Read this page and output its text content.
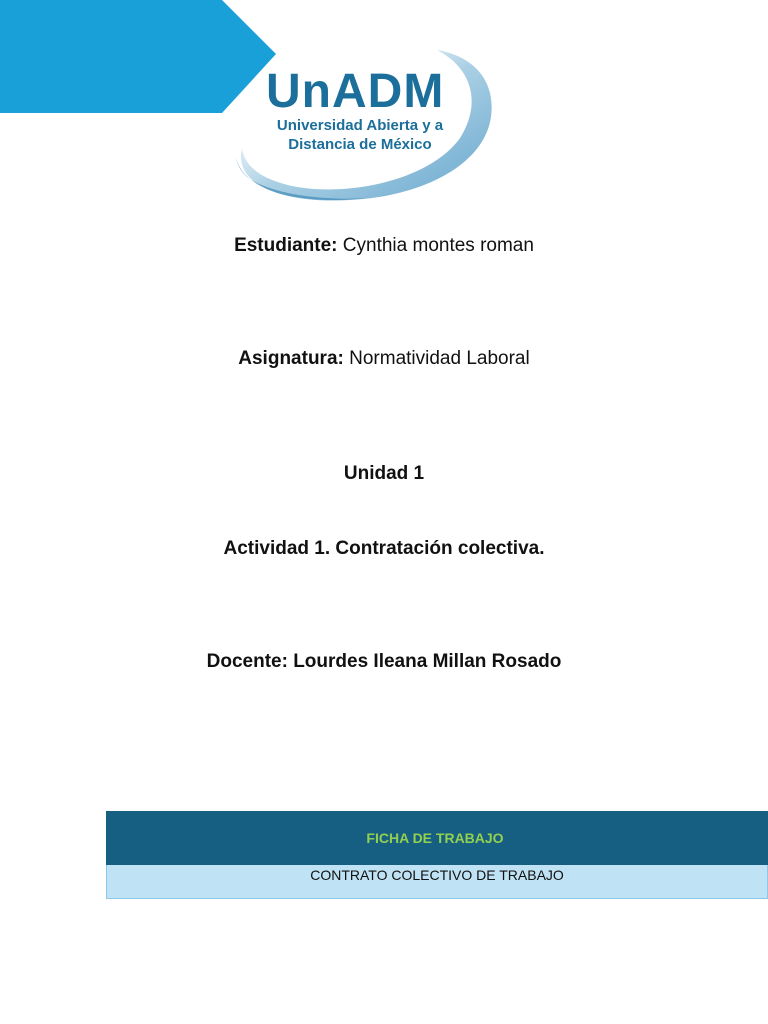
UnADM
Universidad Abierta y a
Distancia de México
Estudiante: Cynthia montes roman
Asignatura: Normatividad Laboral
Unidad 1
Actividad 1. Contratación colectiva.
Docente: Lourdes Ileana Millan Rosado
FICHA DE TRABAJO
CONTRATO COLECTIVO DE TRABAJO
